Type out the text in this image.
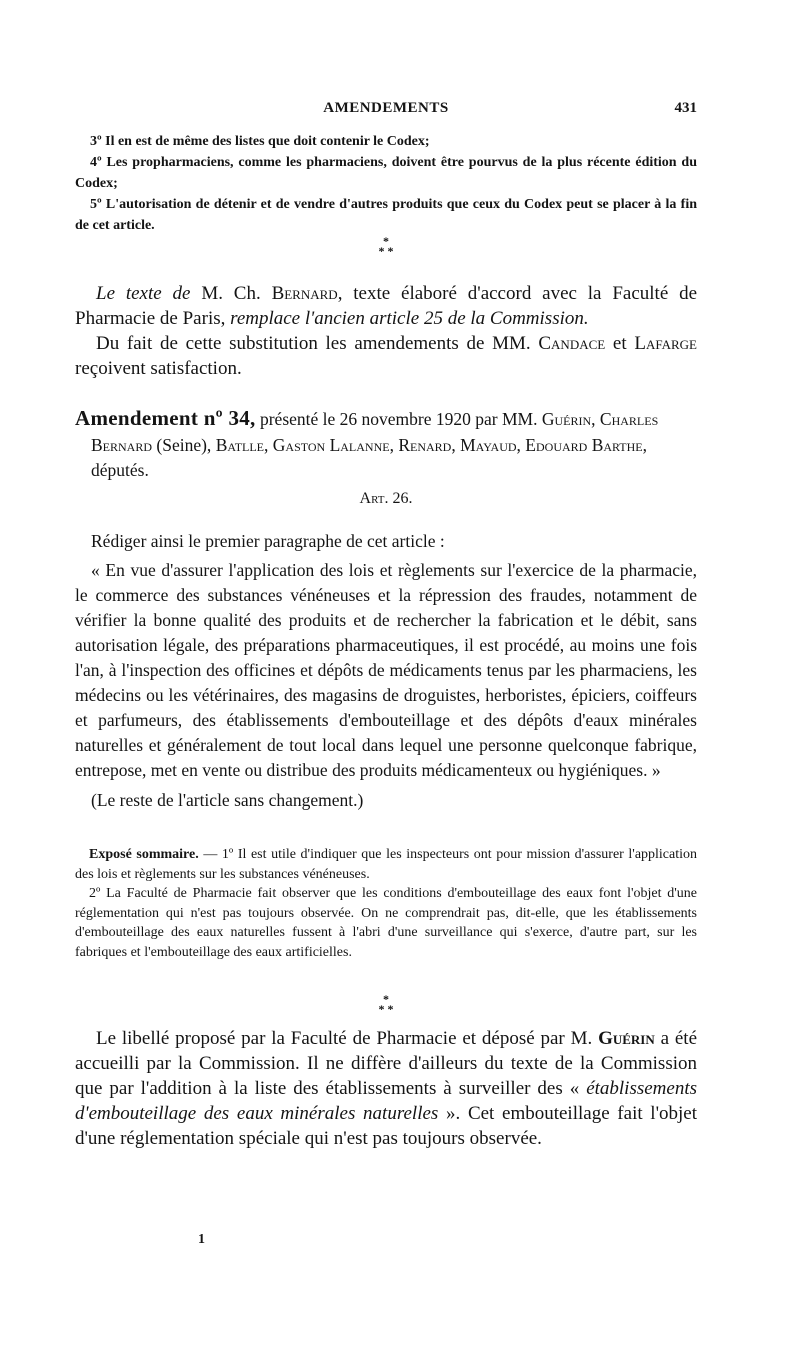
AMENDEMENTS	431

3º Il en est de même des listes que doit contenir le Codex;

4º Les propharmaciens, comme les pharmaciens, doivent être pourvus de la plus récente édition du Codex;

5º L'autorisation de détenir et de vendre d'autres produits que ceux du Codex peut se placer à la fin de cet article.

*

* *

Le texte de M. Ch. Bernard, texte élaboré d'accord avec la Faculté de Pharmacie de Paris, remplace l'ancien article 25 de la Commission.

Du fait de cette substitution les amendements de MM. Candace et Lafarge reçoivent satisfaction.

Amendement nº 34, présenté le 26 novembre 1920 par MM. Guérin, Charles Bernard (Seine), Batlle, Gaston Lalanne, Renard, Mayaud, Edouard Barthe, députés.

Art. 26.

Rédiger ainsi le premier paragraphe de cet article :

« En vue d'assurer l'application des lois et règlements sur l'exercice de la pharmacie, le commerce des substances vénéneuses et la répression des fraudes, notamment de vérifier la bonne qualité des produits et de rechercher la fabrication et le débit, sans autorisation légale, des préparations pharmaceutiques, il est procédé, au moins une fois l'an, à l'inspection des officines et dépôts de médicaments tenus par les pharmaciens, les médecins ou les vétérinaires, des magasins de droguistes, herboristes, épiciers, coiffeurs et parfumeurs, des établissements d'embouteillage et des dépôts d'eaux minérales naturelles et généralement de tout local dans lequel une personne quelconque fabrique, entrepose, met en vente ou distribue des produits médicamenteux ou hygiéniques. »

(Le reste de l'article sans changement.)

Exposé sommaire. — 1º Il est utile d'indiquer que les inspecteurs ont pour mission d'assurer l'application des lois et règlements sur les substances vénéneuses.

2º La Faculté de Pharmacie fait observer que les conditions d'embouteillage des eaux font l'objet d'une réglementation qui n'est pas toujours observée. On ne comprendrait pas, dit-elle, que les établissements d'embouteillage des eaux naturelles fussent à l'abri d'une surveillance qui s'exerce, d'autre part, sur les fabriques et l'embouteillage des eaux artificielles.

*

* *

Le libellé proposé par la Faculté de Pharmacie et déposé par M. Guérin a été accueilli par la Commission. Il ne diffère d'ailleurs du texte de la Commission que par l'addition à la liste des établissements à surveiller des « établissements d'embouteillage des eaux minérales naturelles ». Cet embouteillage fait l'objet d'une réglementation spéciale qui n'est pas toujours observée.

1
